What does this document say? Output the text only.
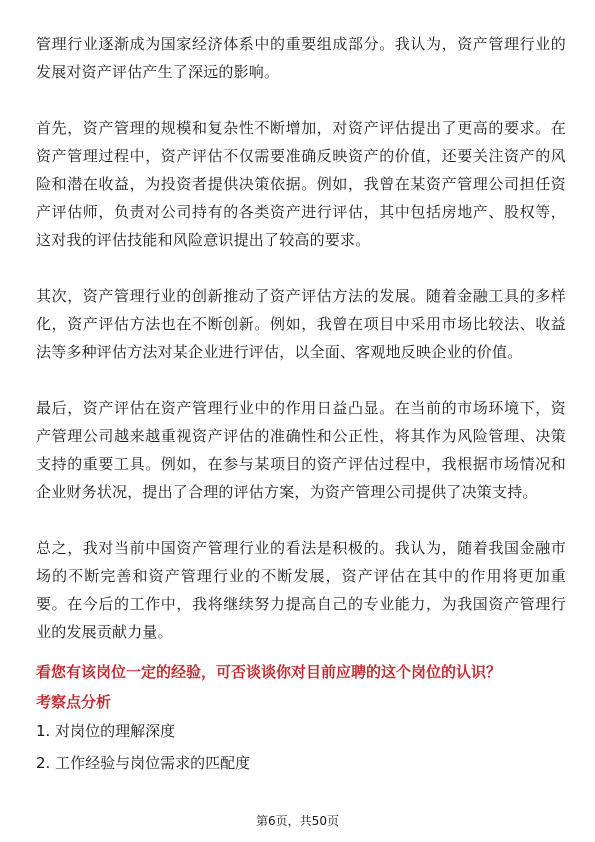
管理行业逐渐成为国家经济体系中的重要组成部分。我认为，资产管理行业的发展对资产评估产生了深远的影响。

首先，资产管理的规模和复杂性不断增加，对资产评估提出了更高的要求。在资产管理过程中，资产评估不仅需要准确反映资产的价值，还要关注资产的风险和潜在收益，为投资者提供决策依据。例如，我曾在某资产管理公司担任资产评估师，负责对公司持有的各类资产进行评估，其中包括房地产、股权等，这对我的评估技能和风险意识提出了较高的要求。

其次，资产管理行业的创新推动了资产评估方法的发展。随着金融工具的多样化，资产评估方法也在不断创新。例如，我曾在项目中采用市场比较法、收益法等多种评估方法对某企业进行评估，以全面、客观地反映企业的价值。

最后，资产评估在资产管理行业中的作用日益凸显。在当前的市场环境下，资产管理公司越来越重视资产评估的准确性和公正性，将其作为风险管理、决策支持的重要工具。例如，在参与某项目的资产评估过程中，我根据市场情况和企业财务状况，提出了合理的评估方案，为资产管理公司提供了决策支持。

总之，我对当前中国资产管理行业的看法是积极的。我认为，随着我国金融市场的不断完善和资产管理行业的不断发展，资产评估在其中的作用将更加重要。在今后的工作中，我将继续努力提高自己的专业能力，为我国资产管理行业的发展贡献力量。

看您有该岗位一定的经验，可否谈谈你对目前应聘的这个岗位的认识？
考察点分析
1. 对岗位的理解深度
2. 工作经验与岗位需求的匹配度
第6页，共50页
